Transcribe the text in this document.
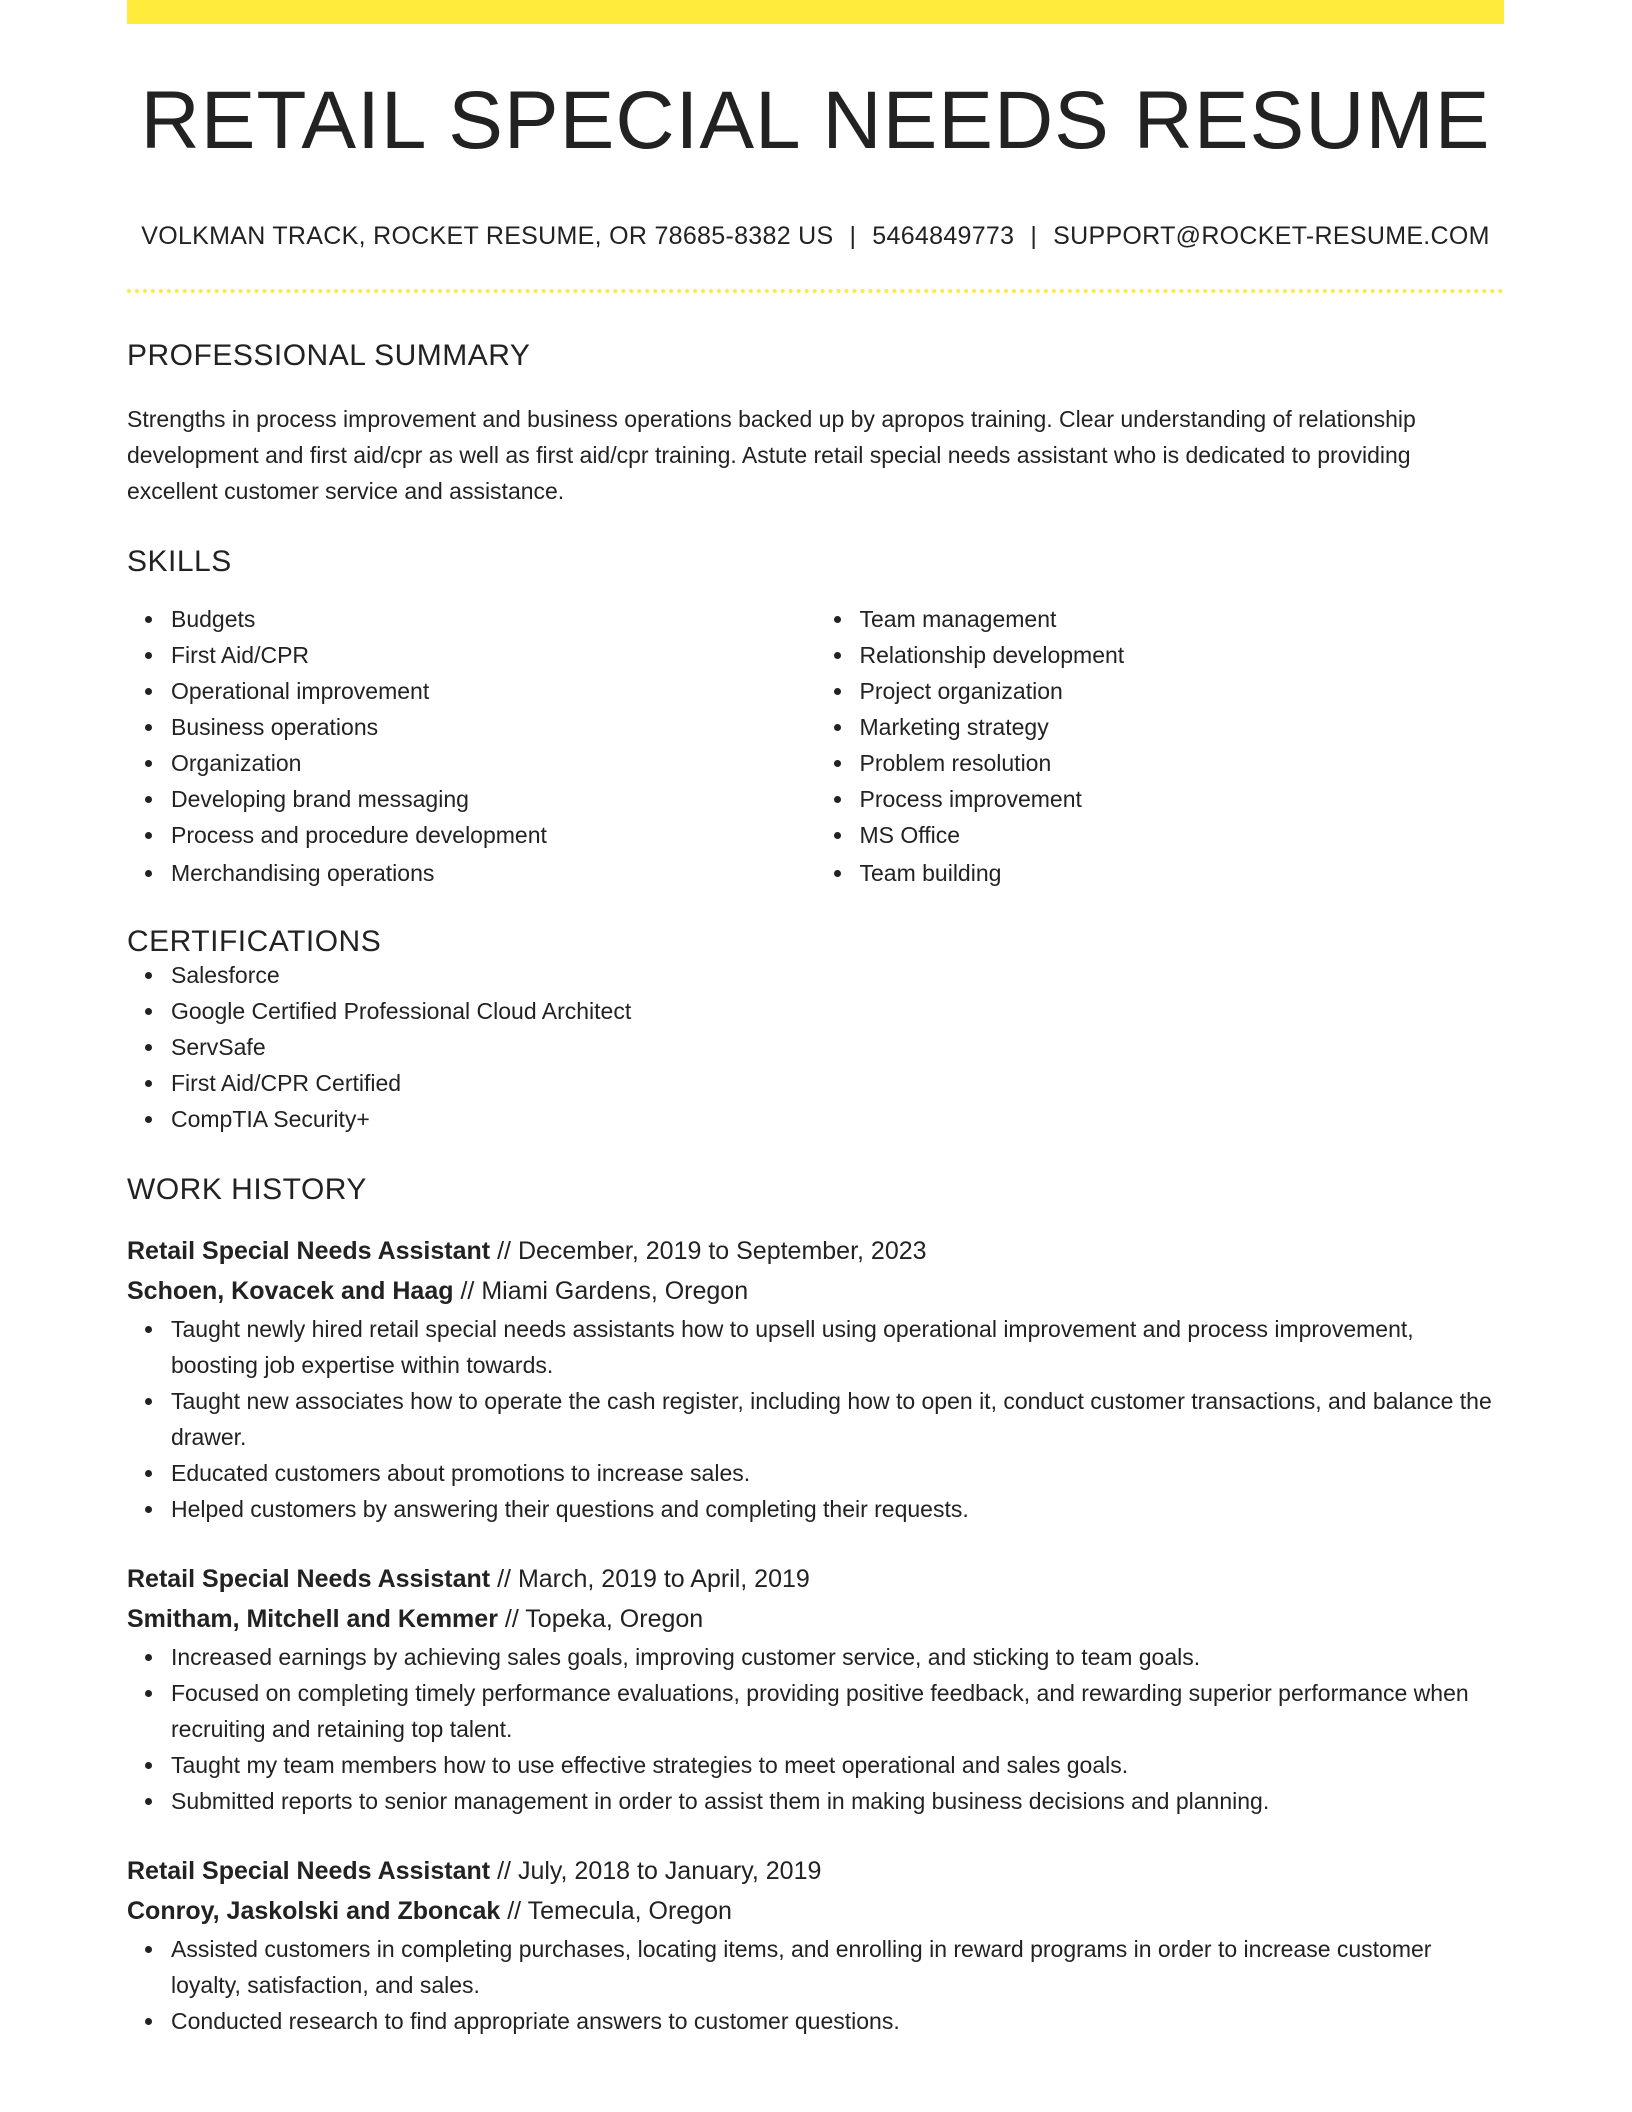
RETAIL SPECIAL NEEDS RESUME
VOLKMAN TRACK, ROCKET RESUME, OR 78685-8382 US | 5464849773 | SUPPORT@ROCKET-RESUME.COM
PROFESSIONAL SUMMARY

Strengths in process improvement and business operations backed up by apropos training. Clear understanding of relationship development and first aid/cpr as well as first aid/cpr training. Astute retail special needs assistant who is dedicated to providing excellent customer service and assistance.

SKILLS
Budgets
First Aid/CPR
Operational improvement
Business operations
Organization
Developing brand messaging
Process and procedure development
Merchandising operations
Team management
Relationship development
Project organization
Marketing strategy
Problem resolution
Process improvement
MS Office
Team building
CERTIFICATIONS
Salesforce
Google Certified Professional Cloud Architect
ServSafe
First Aid/CPR Certified
CompTIA Security+
WORK HISTORY
Retail Special Needs Assistant // December, 2019 to September, 2023
Schoen, Kovacek and Haag // Miami Gardens, Oregon
Taught newly hired retail special needs assistants how to upsell using operational improvement and process improvement, boosting job expertise within towards.
Taught new associates how to operate the cash register, including how to open it, conduct customer transactions, and balance the drawer.
Educated customers about promotions to increase sales.
Helped customers by answering their questions and completing their requests.
Retail Special Needs Assistant // March, 2019 to April, 2019
Smitham, Mitchell and Kemmer // Topeka, Oregon
Increased earnings by achieving sales goals, improving customer service, and sticking to team goals.
Focused on completing timely performance evaluations, providing positive feedback, and rewarding superior performance when recruiting and retaining top talent.
Taught my team members how to use effective strategies to meet operational and sales goals.
Submitted reports to senior management in order to assist them in making business decisions and planning.
Retail Special Needs Assistant // July, 2018 to January, 2019
Conroy, Jaskolski and Zboncak // Temecula, Oregon
Assisted customers in completing purchases, locating items, and enrolling in reward programs in order to increase customer loyalty, satisfaction, and sales.
Conducted research to find appropriate answers to customer questions.
